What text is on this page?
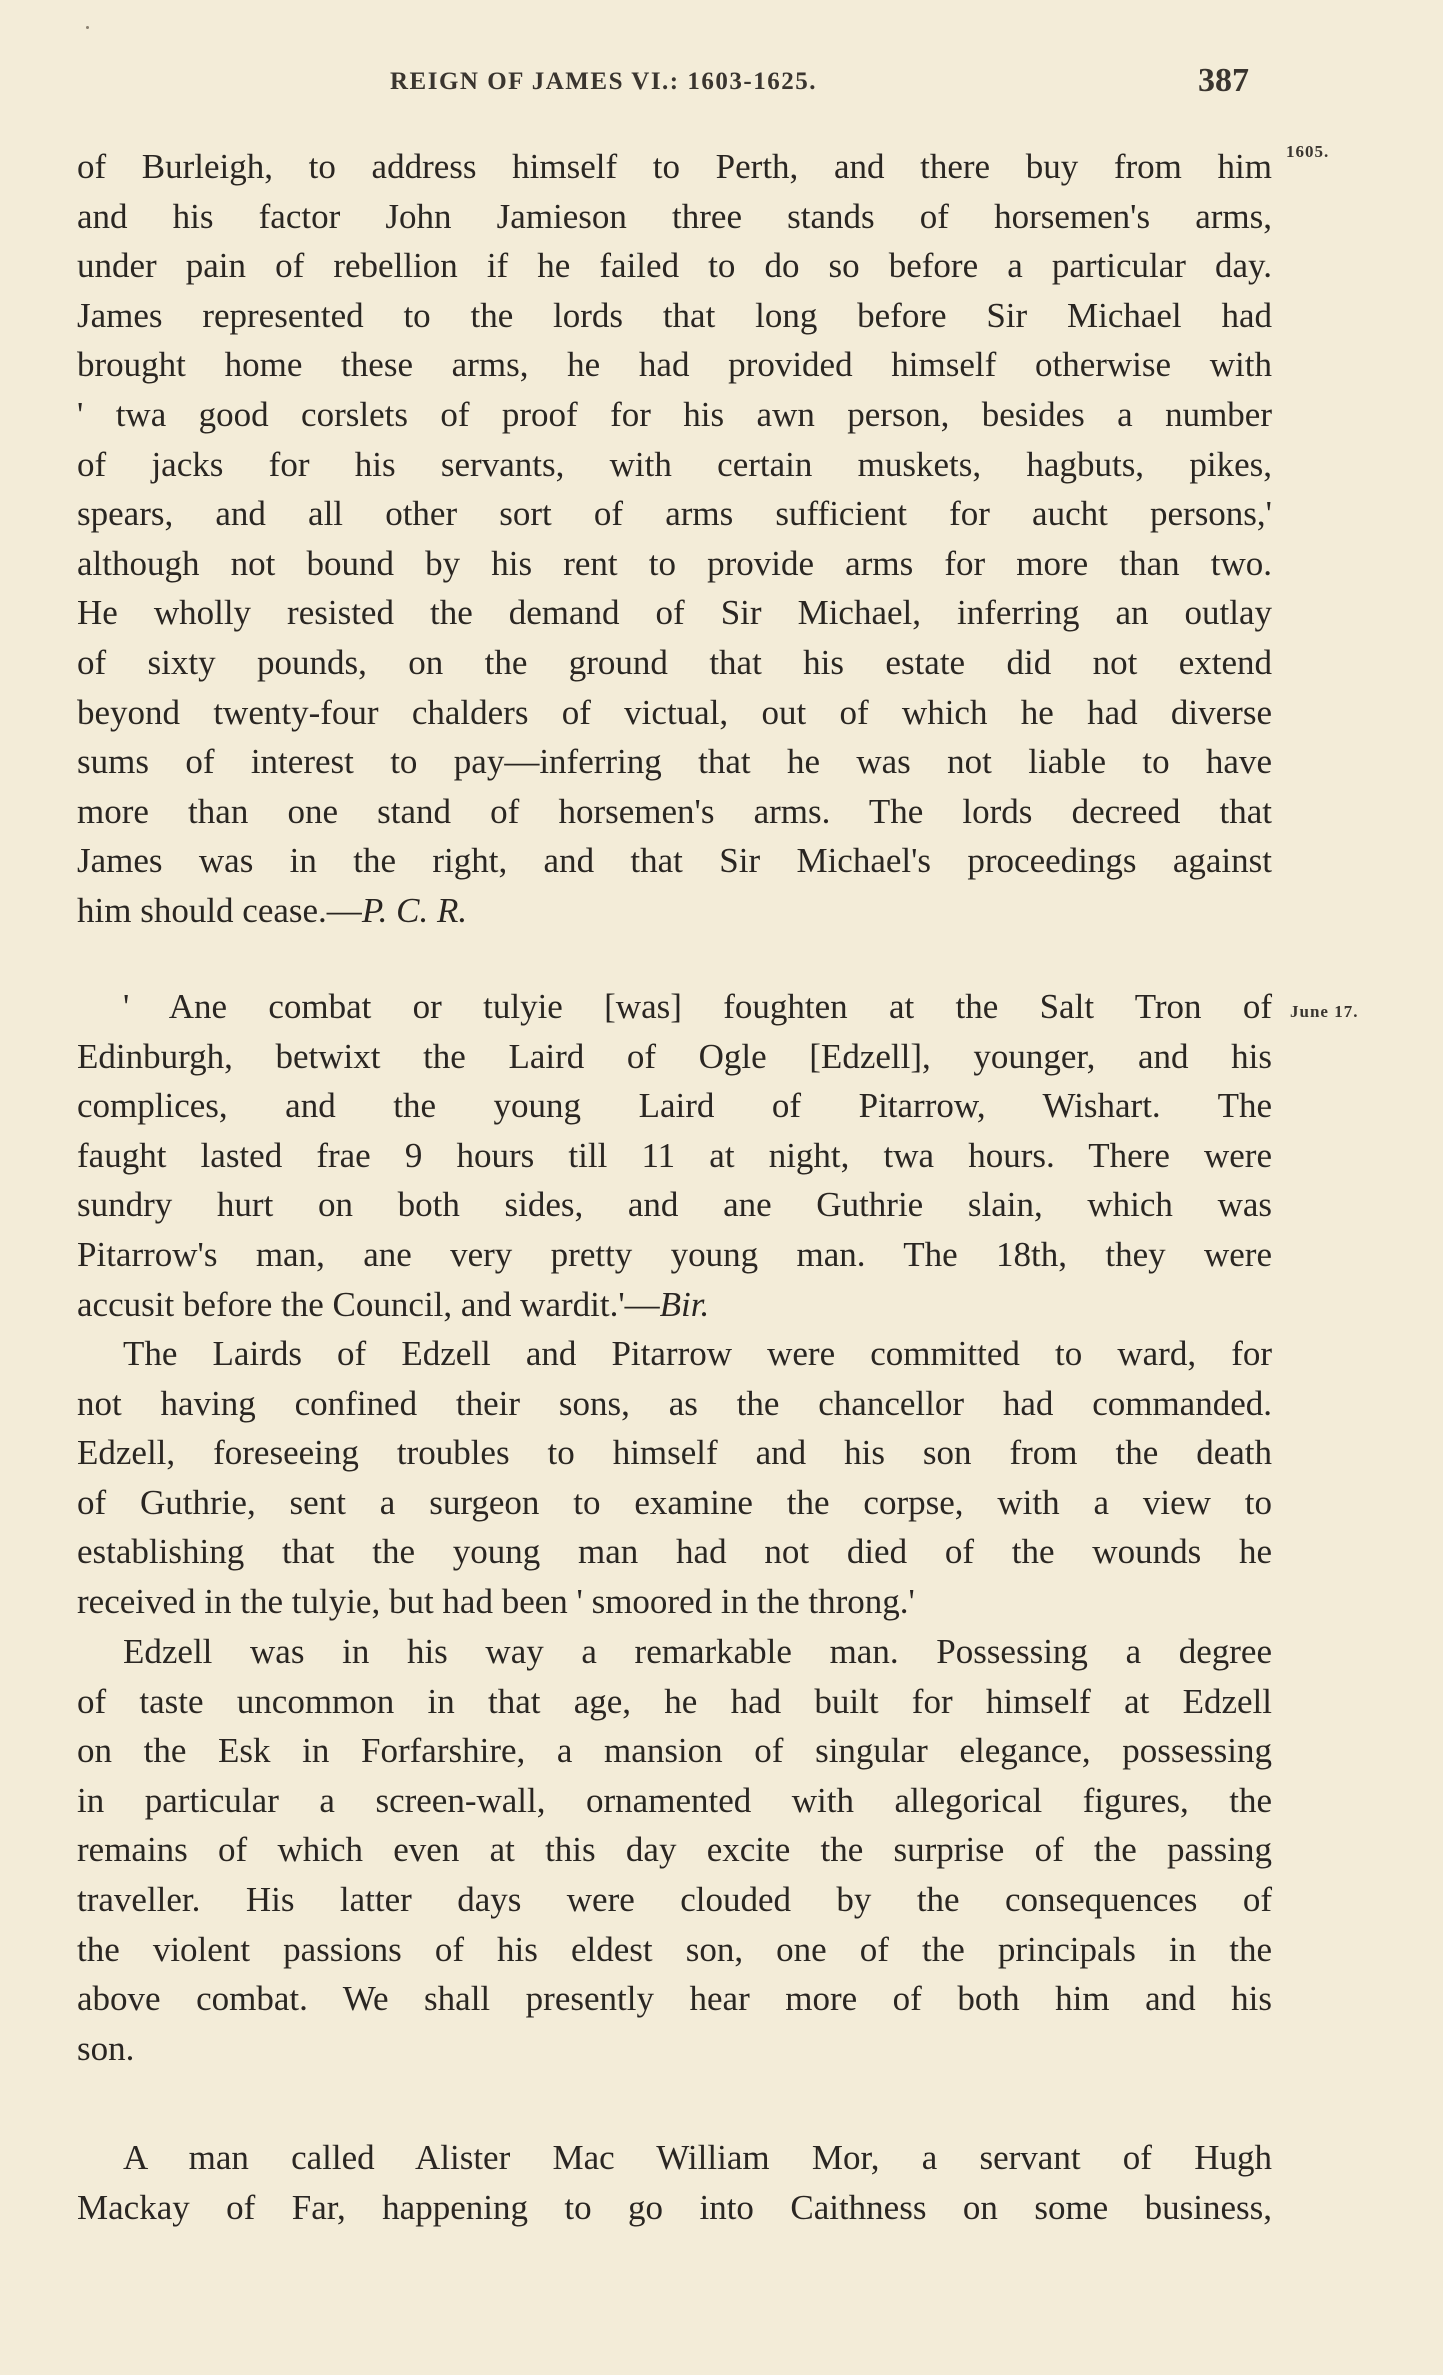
REIGN OF JAMES VI.: 1603-1625.	387
1605.
June 17.
of Burleigh, to address himself to Perth, and there buy from him
and his factor John Jamieson three stands of horsemen's arms,
under pain of rebellion if he failed to do so before a particular day.
James represented to the lords that long before Sir Michael had
brought home these arms, he had provided himself otherwise with
' twa good corslets of proof for his awn person, besides a number
of jacks for his servants, with certain muskets, hagbuts, pikes,
spears, and all other sort of arms sufficient for aucht persons,'
although not bound by his rent to provide arms for more than two.
He wholly resisted the demand of Sir Michael, inferring an outlay
of sixty pounds, on the ground that his estate did not extend
beyond twenty-four chalders of victual, out of which he had diverse
sums of interest to pay—inferring that he was not liable to have
more than one stand of horsemen's arms. The lords decreed that
James was in the right, and that Sir Michael's proceedings against
him should cease.—P. C. R.
' Ane combat or tulyie [was] foughten at the Salt Tron of
Edinburgh, betwixt the Laird of Ogle [Edzell], younger, and his
complices, and the young Laird of Pitarrow, Wishart. The
faught lasted frae 9 hours till 11 at night, twa hours. There were
sundry hurt on both sides, and ane Guthrie slain, which was
Pitarrow's man, ane very pretty young man. The 18th, they were
accusit before the Council, and wardit.'—Bir.
The Lairds of Edzell and Pitarrow were committed to ward, for
not having confined their sons, as the chancellor had commanded.
Edzell, foreseeing troubles to himself and his son from the death
of Guthrie, sent a surgeon to examine the corpse, with a view to
establishing that the young man had not died of the wounds he
received in the tulyie, but had been ' smoored in the throng.'
Edzell was in his way a remarkable man. Possessing a degree
of taste uncommon in that age, he had built for himself at Edzell
on the Esk in Forfarshire, a mansion of singular elegance, possessing
in particular a screen-wall, ornamented with allegorical figures, the
remains of which even at this day excite the surprise of the passing
traveller. His latter days were clouded by the consequences of
the violent passions of his eldest son, one of the principals in the
above combat. We shall presently hear more of both him and his
son.
A man called Alister Mac William Mor, a servant of Hugh
Mackay of Far, happening to go into Caithness on some business,
